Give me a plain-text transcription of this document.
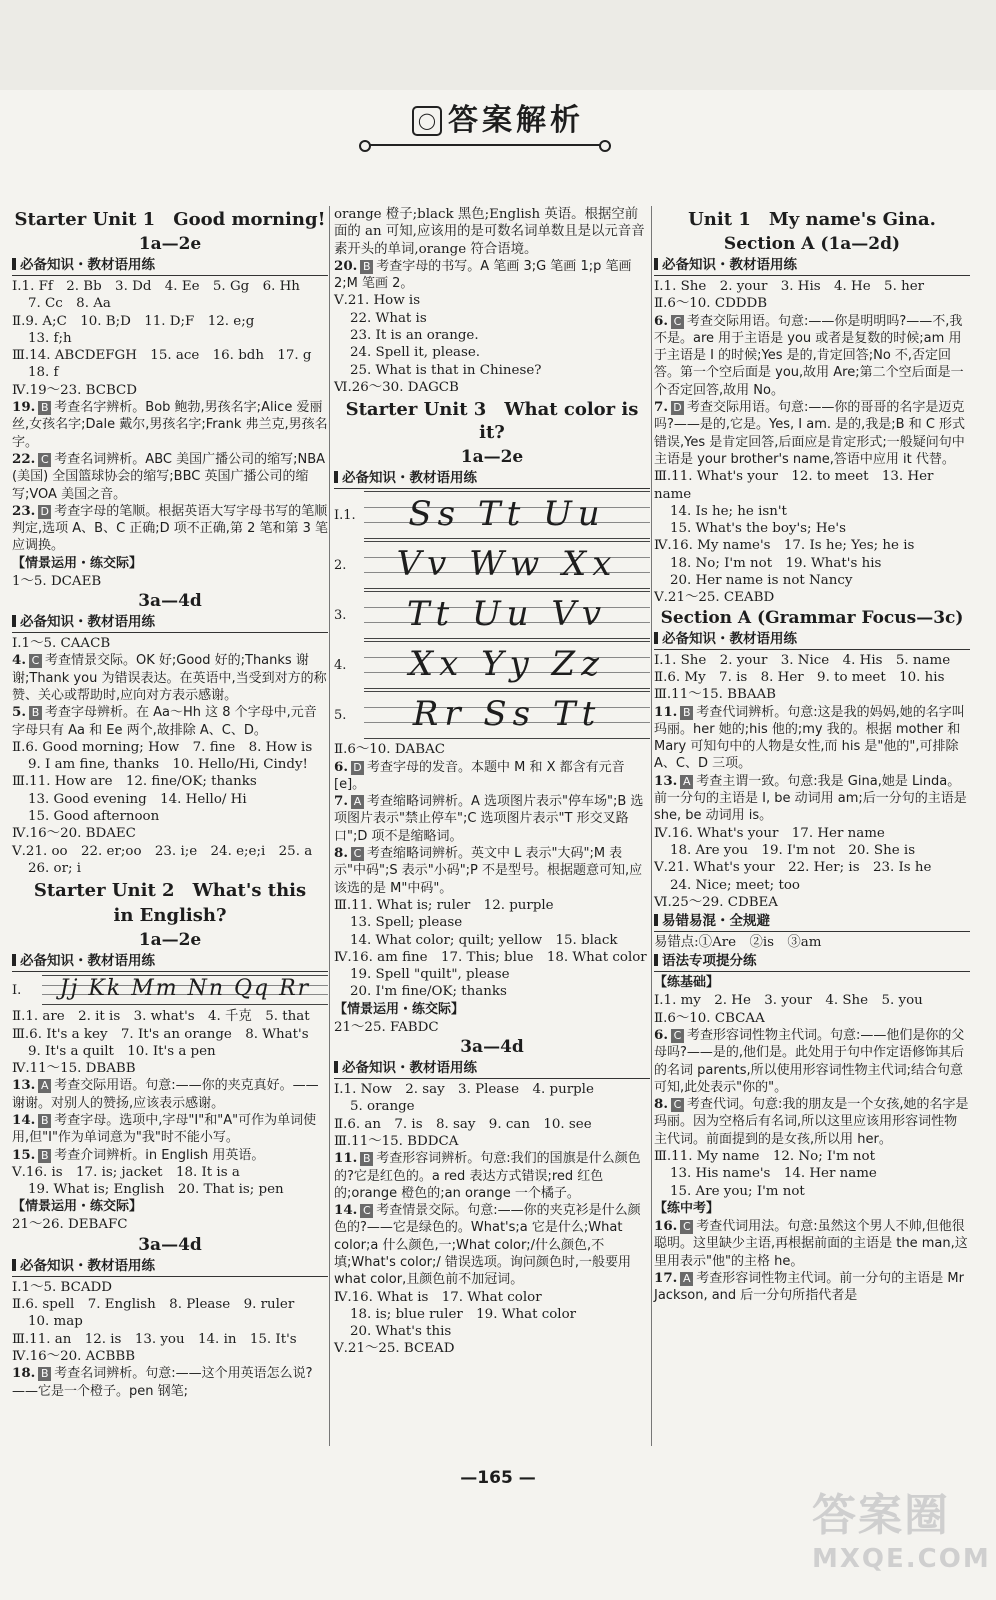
◯ 答案解析
Starter Unit 1　Good morning!
1a—2e
必备知识・教材语用练
Ⅰ.1. Ff　2. Bb　3. Dd　4. Ee　5. Gg　6. Hh
7. Cc　8. Aa
Ⅱ.9. A;C　10. B;D　11. D;F　12. e;g
13. f;h
Ⅲ.14. ABCDEFGH　15. ace　16. bdh　17. g
18. f
Ⅳ.19～23. BCBCD
19. B 考查名字辨析。Bob 鲍勃,男孩名字;Alice 爱丽丝,女孩名字;Dale 戴尔,男孩名字;Frank 弗兰克,男孩名字。
22. C 考查名词辨析。ABC 美国广播公司的缩写;NBA (美国) 全国篮球协会的缩写;BBC 英国广播公司的缩写;VOA 美国之音。
23. D 考查字母的笔顺。根据英语大写字母书写的笔顺判定,选项 A、B、C 正确;D 项不正确,第 2 笔和第 3 笔应调换。
【情景运用・练交际】
1～5. DCAEB
3a—4d
必备知识・教材语用练
Ⅰ.1～5. CAACB
4. C 考查情景交际。OK 好;Good 好的;Thanks 谢谢;Thank you 为错误表达。在英语中,当受到对方的称赞、关心或帮助时,应向对方表示感谢。
5. B 考查字母辨析。在 Aa～Hh 这 8 个字母中,元音字母只有 Aa 和 Ee 两个,故排除 A、C、D。
Ⅱ.6. Good morning; How　7. fine　8. How is
9. I am fine, thanks　10. Hello/Hi, Cindy!
Ⅲ.11. How are　12. fine/OK; thanks
13. Good evening　14. Hello/ Hi
15. Good afternoon
Ⅳ.16～20. BDAEC
Ⅴ.21. oo　22. er;oo　23. i;e　24. e;e;i　25. a
26. or; i
Starter Unit 2　What's this
in English?
1a—2e
必备知识・教材语用练
Ⅰ.	Jj Kk Mm Nn Qq Rr
Ⅱ.1. are　2. it is　3. what's　4. 千克　5. that
Ⅲ.6. It's a key　7. It's an orange　8. What's
9. It's a quilt　10. It's a pen
Ⅳ.11～15. DBABB
13. A 考查交际用语。句意:——你的夹克真好。——谢谢。对别人的赞扬,应该表示感谢。
14. B 考查字母。选项中,字母"I"和"A"可作为单词使用,但"I"作为单词意为"我"时不能小写。
15. B 考查介词辨析。in English 用英语。
Ⅴ.16. is　17. is; jacket　18. It is a
19. What is; English　20. That is; pen
【情景运用・练交际】
21～26. DEBAFC
3a—4d
必备知识・教材语用练
Ⅰ.1～5. BCADD
Ⅱ.6. spell　7. English　8. Please　9. ruler
10. map
Ⅲ.11. an　12. is　13. you　14. in　15. It's
Ⅳ.16～20. ACBBB
18. B 考查名词辨析。句意:——这个用英语怎么说?——它是一个橙子。pen 钢笔;
orange 橙子;black 黑色;English 英语。根据空前面的 an 可知,应该用的是可数名词单数且是以元音音素开头的单词,orange 符合语境。
20. B 考查字母的书写。A 笔画 3;G 笔画 1;p 笔画 2;M 笔画 2。
Ⅴ.21. How is
22. What is
23. It is an orange.
24. Spell it, please.
25. What is that in Chinese?
Ⅵ.26～30. DAGCB
Starter Unit 3　What color is it?
1a—2e
必备知识・教材语用练
Ⅰ.1.	Ss Tt Uu
2.	Vv Ww Xx
3.	Tt Uu Vv
4.	Xx Yy Zz
5.	Rr Ss Tt
Ⅱ.6～10. DABAC
6. D 考查字母的发音。本题中 M 和 X 都含有元音[e]。
7. A 考查缩略词辨析。A 选项图片表示"停车场";B 选项图片表示"禁止停车";C 选项图片表示"T 形交叉路口";D 项不是缩略词。
8. C 考查缩略词辨析。英文中 L 表示"大码";M 表示"中码";S 表示"小码";P 不是型号。根据题意可知,应该选的是 M"中码"。
Ⅲ.11. What is; ruler　12. purple
13. Spell; please
14. What color; quilt; yellow　15. black
Ⅳ.16. am fine　17. This; blue　18. What color
19. Spell "quilt", please
20. I'm fine/OK; thanks
【情景运用・练交际】
21～25. FABDC
3a—4d
必备知识・教材语用练
Ⅰ.1. Now　2. say　3. Please　4. purple
5. orange
Ⅱ.6. an　7. is　8. say　9. can　10. see
Ⅲ.11～15. BDDCA
11. B 考查形容词辨析。句意:我们的国旗是什么颜色的?它是红色的。a red 表达方式错误;red 红色的;orange 橙色的;an orange 一个橘子。
14. C 考查情景交际。句意:——你的夹克衫是什么颜色的?——它是绿色的。What's;a 它是什么;What color;a 什么颜色,一;What color;/什么颜色,不填;What's color;/ 错误选项。询问颜色时,一般要用 what color,且颜色前不加冠词。
Ⅳ.16. What is　17. What color
18. is; blue ruler　19. What color
20. What's this
Ⅴ.21～25. BCEAD
Unit 1　My name's Gina.
Section A (1a—2d)
必备知识・教材语用练
Ⅰ.1. She　2. your　3. His　4. He　5. her
Ⅱ.6～10. CDDDB
6. C 考查交际用语。句意:——你是明明吗?——不,我不是。are 用于主语是 you 或者是复数的时候;am 用于主语是 I 的时候;Yes 是的,肯定回答;No 不,否定回答。第一个空后面是 you,故用 Are;第二个空后面是一个否定回答,故用 No。
7. D 考查交际用语。句意:——你的哥哥的名字是迈克吗?——是的,它是。Yes, I am. 是的,我是;B 和 C 形式错误,Yes 是肯定回答,后面应是肯定形式;一般疑问句中主语是 your brother's name,答语中应用 it 代替。
Ⅲ.11. What's your　12. to meet　13. Her name
14. Is he; he isn't
15. What's the boy's; He's
Ⅳ.16. My name's　17. Is he; Yes; he is
18. No; I'm not　19. What's his
20. Her name is not Nancy
Ⅴ.21～25. CEABD
Section A (Grammar Focus—3c)
必备知识・教材语用练
Ⅰ.1. She　2. your　3. Nice　4. His　5. name
Ⅱ.6. My　7. is　8. Her　9. to meet　10. his
Ⅲ.11～15. BBAAB
11. B 考查代词辨析。句意:这是我的妈妈,她的名字叫玛丽。her 她的;his 他的;my 我的。根据 mother 和 Mary 可知句中的人物是女性,而 his 是"他的",可排除 A、C、D 三项。
13. A 考查主谓一致。句意:我是 Gina,她是 Linda。前一分句的主语是 I, be 动词用 am;后一分句的主语是 she, be 动词用 is。
Ⅳ.16. What's your　17. Her name
18. Are you　19. I'm not　20. She is
Ⅴ.21. What's your　22. Her; is　23. Is he
24. Nice; meet; too
Ⅵ.25～29. CDBEA
易错易混・全规避
易错点:①Are　②is　③am
语法专项提分练
【练基础】
Ⅰ.1. my　2. He　3. your　4. She　5. you
Ⅱ.6～10. CBCAA
6. C 考查形容词性物主代词。句意:——他们是你的父母吗?——是的,他们是。此处用于句中作定语修饰其后的名词 parents,所以使用形容词性物主代词;结合句意可知,此处表示"你的"。
8. C 考查代词。句意:我的朋友是一个女孩,她的名字是玛丽。因为空格后有名词,所以这里应该用形容词性物主代词。前面提到的是女孩,所以用 her。
Ⅲ.11. My name　12. No; I'm not
13. His name's　14. Her name
15. Are you; I'm not
【练中考】
16. C 考查代词用法。句意:虽然这个男人不帅,但他很聪明。这里缺少主语,再根据前面的主语是 the man,这里用表示"他"的主格 he。
17. A 考查形容词性物主代词。前一分句的主语是 Mr Jackson, and 后一分句所指代者是
—165 —
答案圈
MXQE.COM
